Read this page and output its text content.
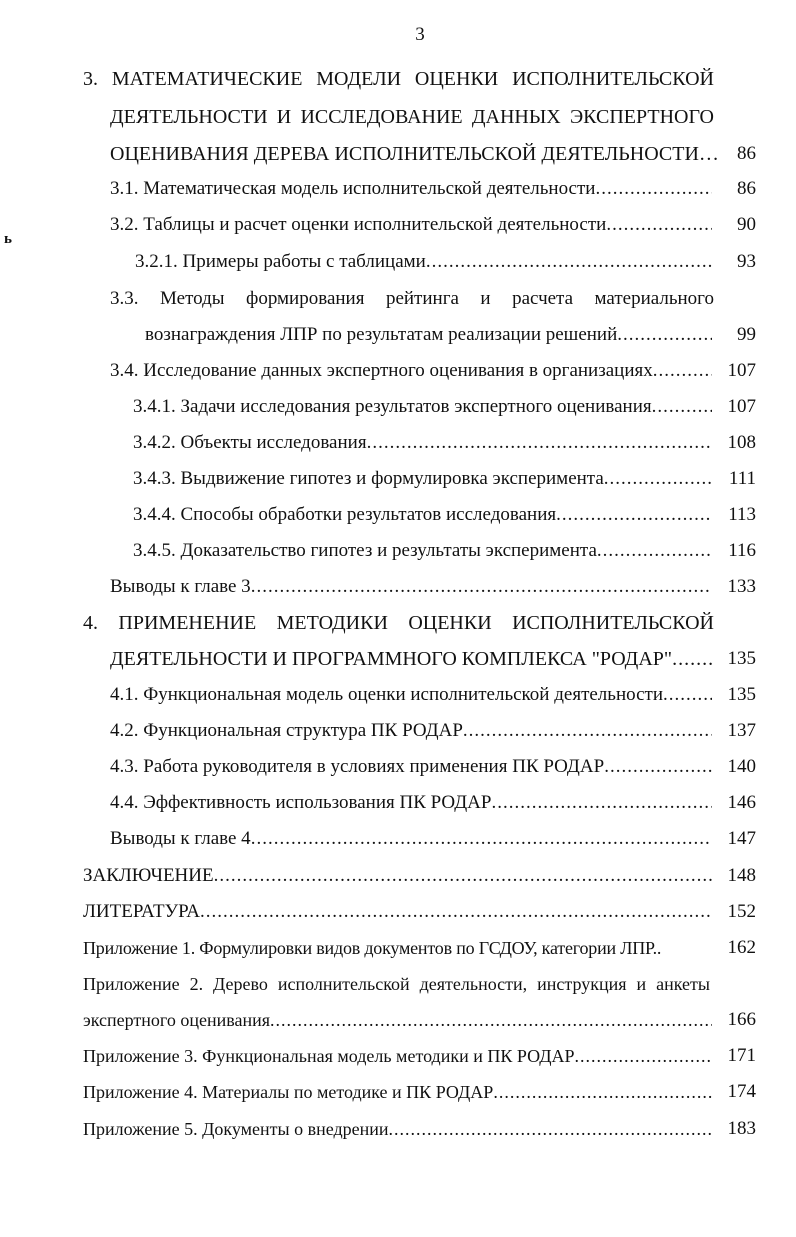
3
ь
3. МАТЕМАТИЧЕСКИЕ МОДЕЛИ ОЦЕНКИ ИСПОЛНИТЕЛЬСКОЙ
ДЕЯТЕЛЬНОСТИ И ИССЛЕДОВАНИЕ ДАННЫХ ЭКСПЕРТНОГО
ОЦЕНИВАНИЯ ДЕРЕВА ИСПОЛНИТЕЛЬСКОЙ ДЕЯТЕЛЬНОСТИ… 86
3.1. Математическая модель исполнительской деятельности .....	86
3.2. Таблицы и расчет оценки исполнительской деятельности .....	90
3.2.1. Примеры работы с таблицами .....	93
3.3. Методы формирования рейтинга и расчета материального
вознаграждения ЛПР по результатам реализации решений .....	99
3.4. Исследование данных экспертного оценивания в организациях .....	107
3.4.1. Задачи исследования результатов экспертного оценивания .....	107
3.4.2. Объекты исследования .....	108
3.4.3. Выдвижение гипотез и формулировка эксперимента .....	111
3.4.4. Способы обработки результатов исследования .....	113
3.4.5. Доказательство гипотез и результаты эксперимента .....	116
Выводы к главе 3 .....	133
4. ПРИМЕНЕНИЕ МЕТОДИКИ ОЦЕНКИ ИСПОЛНИТЕЛЬСКОЙ
ДЕЯТЕЛЬНОСТИ И ПРОГРАММНОГО КОМПЛЕКСА "РОДАР" .....	135
4.1. Функциональная модель оценки исполнительской деятельности .....	135
4.2. Функциональная структура ПК РОДАР .....	137
4.3. Работа руководителя в условиях применения ПК РОДАР .....	140
4.4. Эффективность использования ПК РОДАР .....	146
Выводы к главе 4 .....	147
ЗАКЛЮЧЕНИЕ .....	148
ЛИТЕРАТУРА .....	152
Приложение 1. Формулировки видов документов по ГСДОУ, категории ЛПР..	162
Приложение 2. Дерево исполнительской деятельности, инструкция и анкеты
экспертного оценивания .....	166
Приложение 3. Функциональная модель методики и ПК РОДАР .....	171
Приложение 4. Материалы по методике и ПК РОДАР .....	174
Приложение 5. Документы о внедрении .....	183
